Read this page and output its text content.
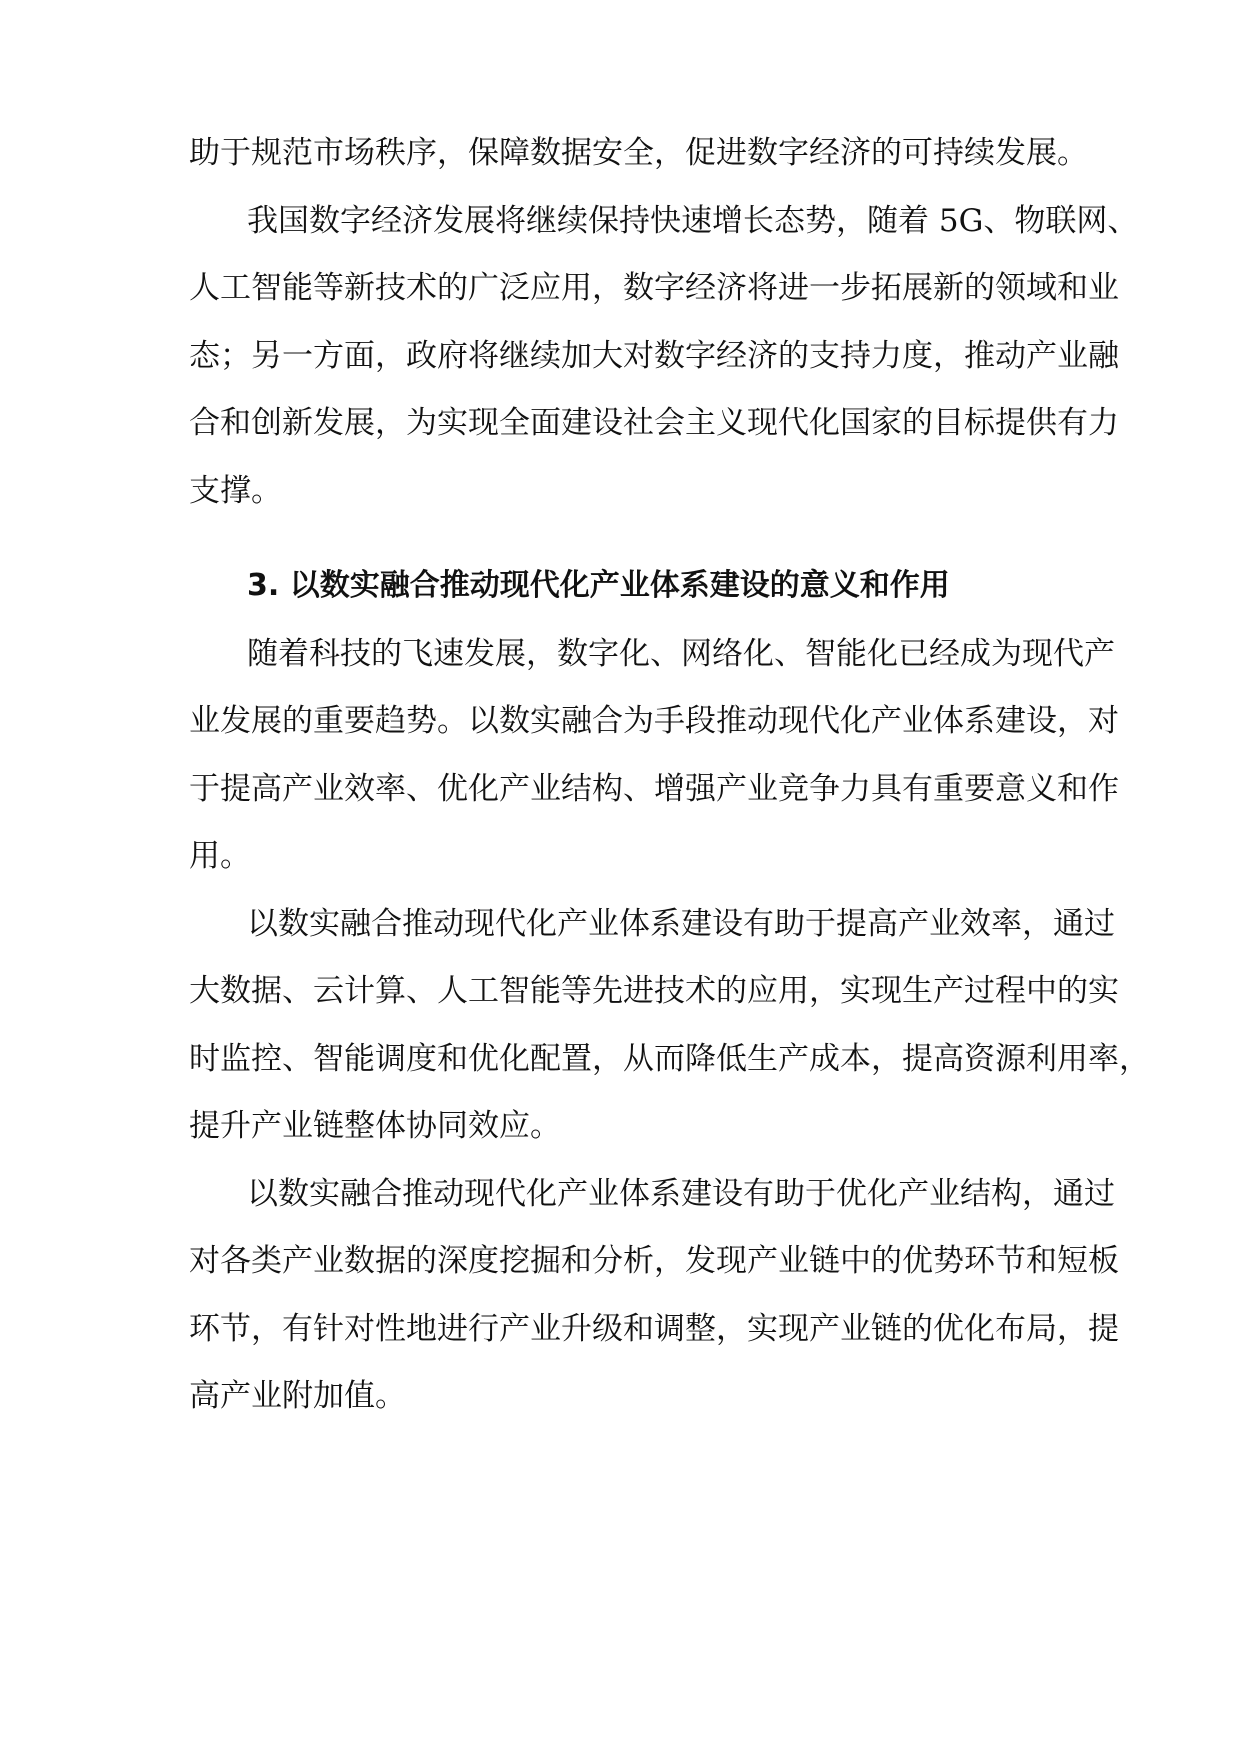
助于规范市场秩序，保障数据安全，促进数字经济的可持续发展。
我国数字经济发展将继续保持快速增长态势，随着 5G、物联网、
人工智能等新技术的广泛应用，数字经济将进一步拓展新的领域和业
态；另一方面，政府将继续加大对数字经济的支持力度，推动产业融
合和创新发展，为实现全面建设社会主义现代化国家的目标提供有力
支撑。
3. 以数实融合推动现代化产业体系建设的意义和作用
随着科技的飞速发展，数字化、网络化、智能化已经成为现代产
业发展的重要趋势。以数实融合为手段推动现代化产业体系建设，对
于提高产业效率、优化产业结构、增强产业竞争力具有重要意义和作
用。
以数实融合推动现代化产业体系建设有助于提高产业效率，通过
大数据、云计算、人工智能等先进技术的应用，实现生产过程中的实
时监控、智能调度和优化配置，从而降低生产成本，提高资源利用率，
提升产业链整体协同效应。
以数实融合推动现代化产业体系建设有助于优化产业结构，通过
对各类产业数据的深度挖掘和分析，发现产业链中的优势环节和短板
环节，有针对性地进行产业升级和调整，实现产业链的优化布局，提
高产业附加值。
